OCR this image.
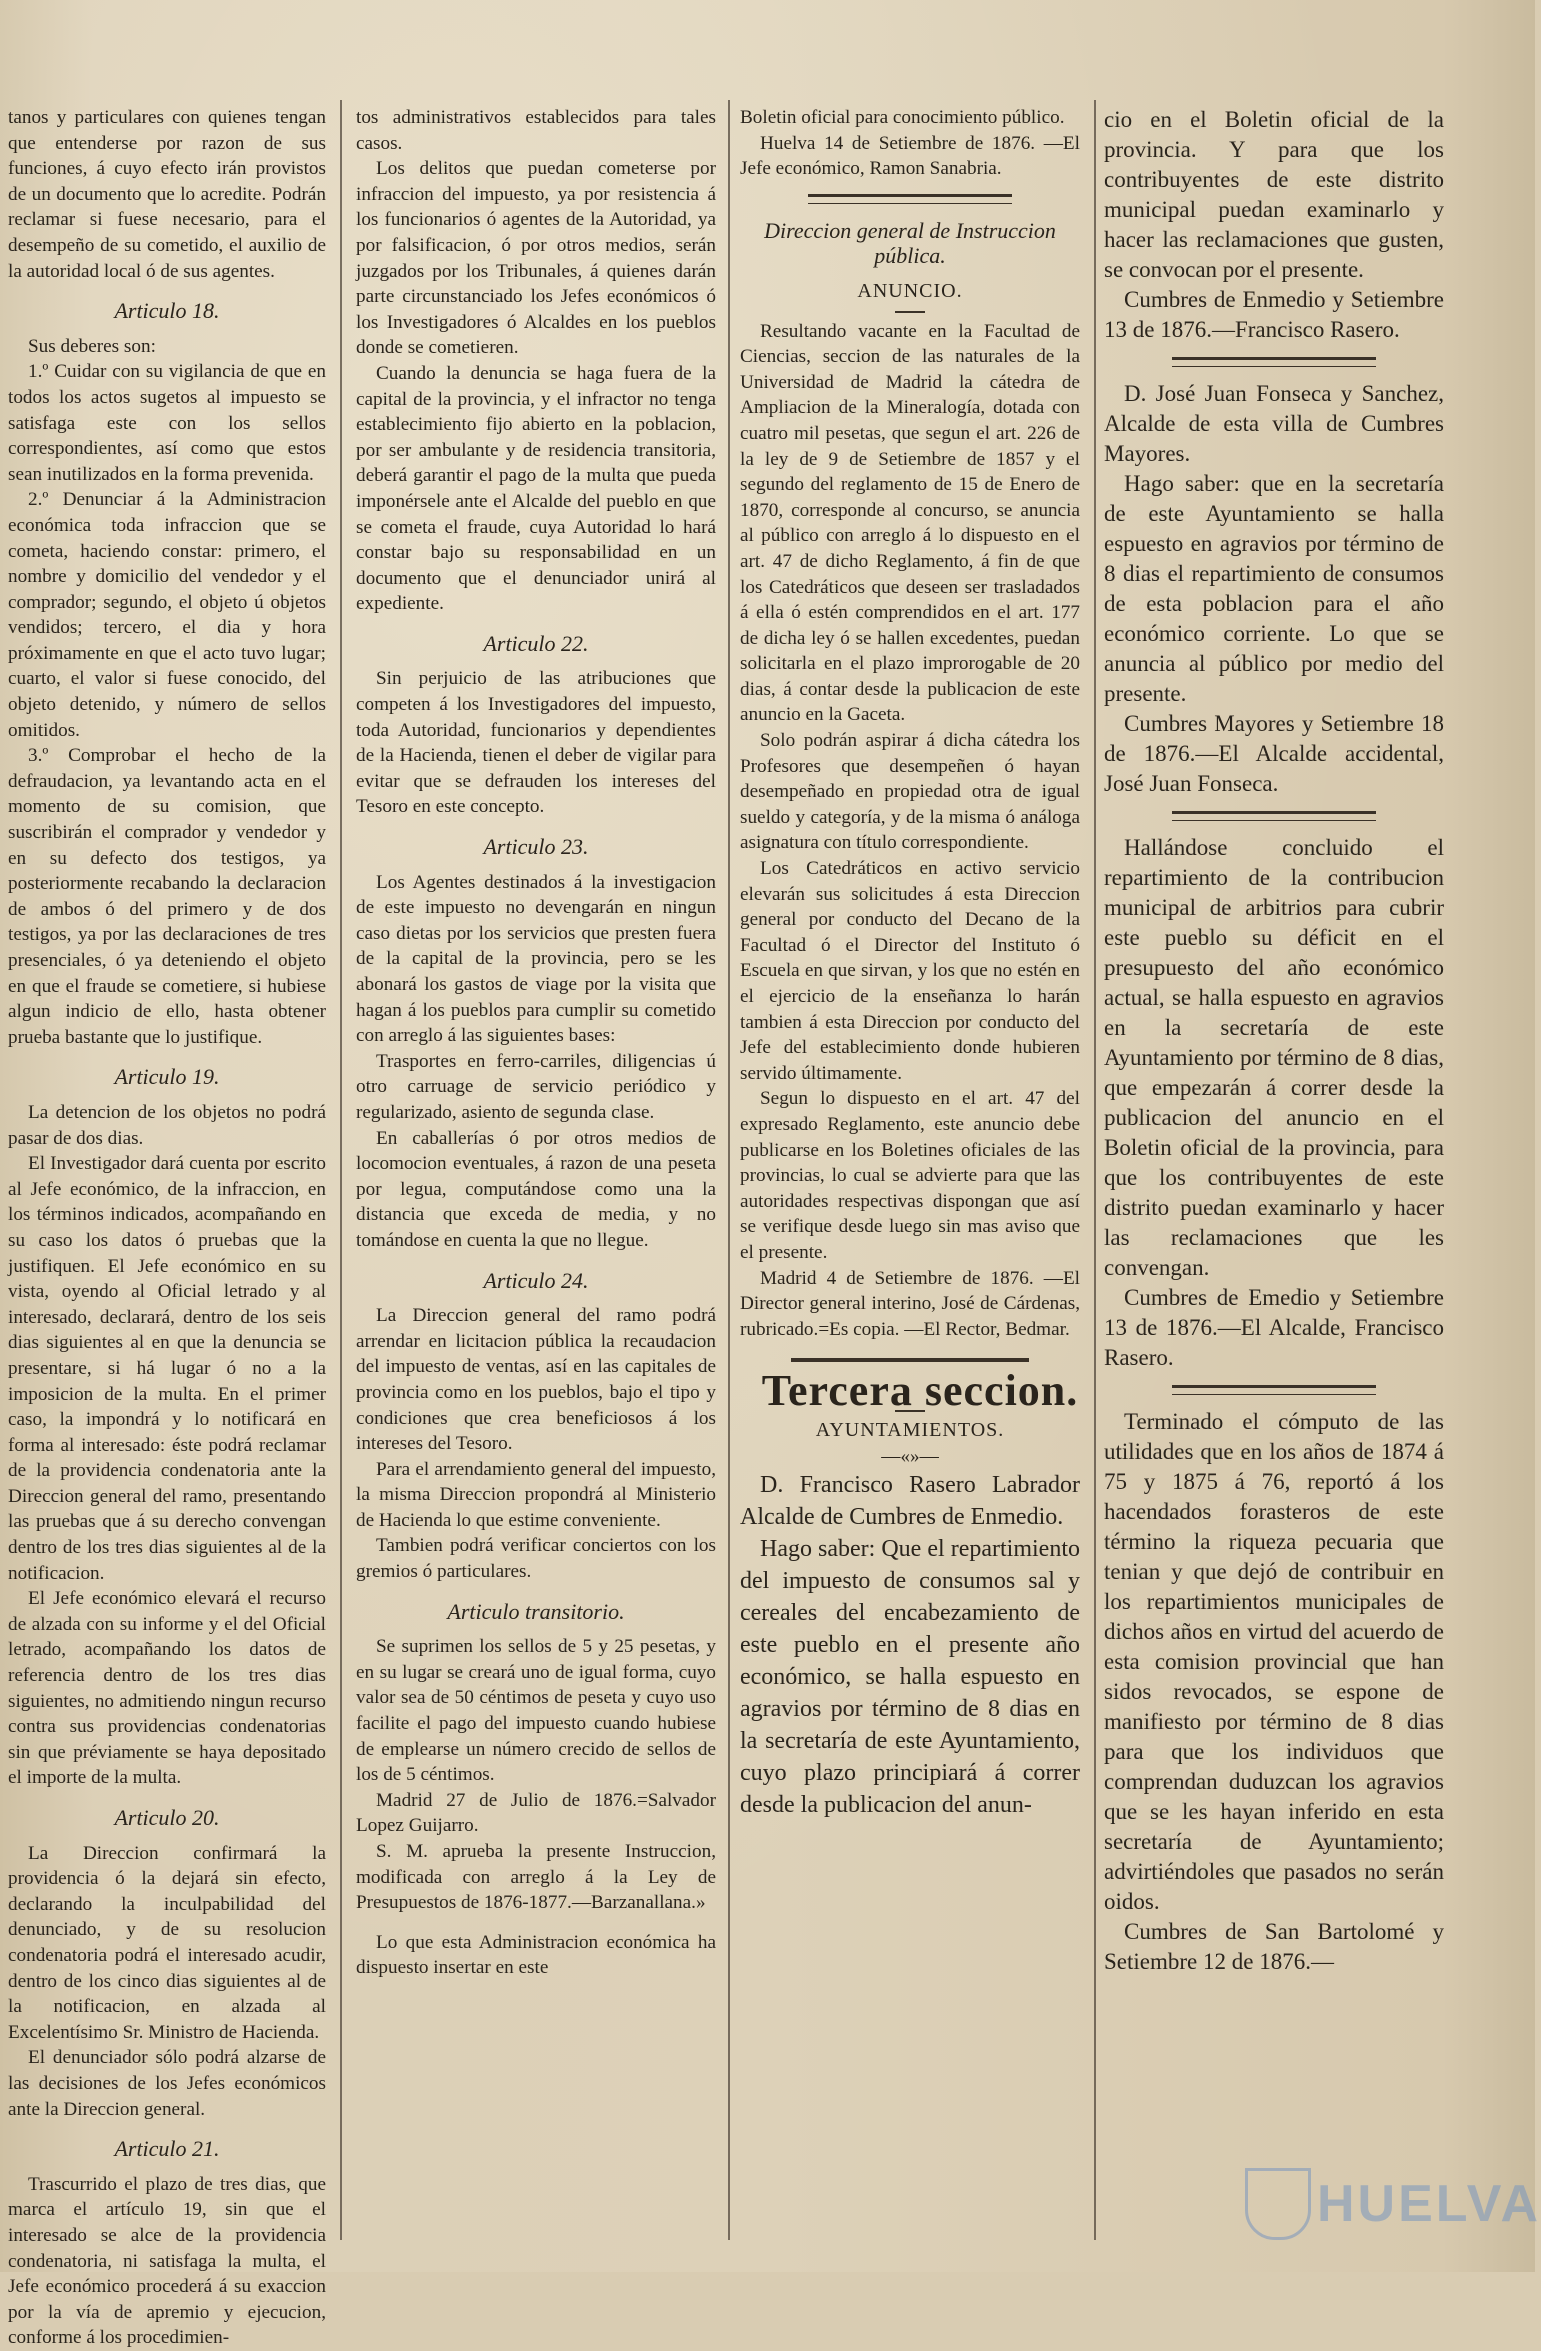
tanos y particulares con quienes tengan que entenderse por razon de sus funciones, á cuyo efecto irán provistos de un documento que lo acredite. Podrán reclamar si fuese necesario, para el desempeño de su cometido, el auxilio de la autoridad local ó de sus agentes.

Articulo 18.

Sus deberes son:

1.º Cuidar con su vigilancia de que en todos los actos sugetos al impuesto se satisfaga este con los sellos correspondientes, así como que estos sean inutilizados en la forma prevenida.

2.º Denunciar á la Administracion económica toda infraccion que se cometa, haciendo constar: primero, el nombre y domicilio del vendedor y el comprador; segundo, el objeto ú objetos vendidos; tercero, el dia y hora próximamente en que el acto tuvo lugar; cuarto, el valor si fuese conocido, del objeto detenido, y número de sellos omitidos.

3.º Comprobar el hecho de la defraudacion, ya levantando acta en el momento de su comision, que suscribirán el comprador y vendedor y en su defecto dos testigos, ya posteriormente recabando la declaracion de ambos ó del primero y de dos testigos, ya por las declaraciones de tres presenciales, ó ya deteniendo el objeto en que el fraude se cometiere, si hubiese algun indicio de ello, hasta obtener prueba bastante que lo justifique.

Articulo 19.

La detencion de los objetos no podrá pasar de dos dias.

El Investigador dará cuenta por escrito al Jefe económico, de la infraccion, en los términos indicados, acompañando en su caso los datos ó pruebas que la justifiquen. El Jefe económico en su vista, oyendo al Oficial letrado y al interesado, declarará, dentro de los seis dias siguientes al en que la denuncia se presentare, si há lugar ó no a la imposicion de la multa. En el primer caso, la impondrá y lo notificará en forma al interesado: éste podrá reclamar de la providencia condenatoria ante la Direccion general del ramo, presentando las pruebas que á su derecho convengan dentro de los tres dias siguientes al de la notificacion.

El Jefe económico elevará el recurso de alzada con su informe y el del Oficial letrado, acompañando los datos de referencia dentro de los tres dias siguientes, no admitiendo ningun recurso contra sus providencias condenatorias sin que préviamente se haya depositado el importe de la multa.

Articulo 20.

La Direccion confirmará la providencia ó la dejará sin efecto, declarando la inculpabilidad del denunciado, y de su resolucion condenatoria podrá el interesado acudir, dentro de los cinco dias siguientes al de la notificacion, en alzada al Excelentísimo Sr. Ministro de Hacienda.

El denunciador sólo podrá alzarse de las decisiones de los Jefes económicos ante la Direccion general.

Articulo 21.

Trascurrido el plazo de tres dias, que marca el artículo 19, sin que el interesado se alce de la providencia condenatoria, ni satisfaga la multa, el Jefe económico procederá á su exaccion por la vía de apremio y ejecucion, conforme á los procedimien-

tos administrativos establecidos para tales casos.

Los delitos que puedan cometerse por infraccion del impuesto, ya por resistencia á los funcionarios ó agentes de la Autoridad, ya por falsificacion, ó por otros medios, serán juzgados por los Tribunales, á quienes darán parte circunstanciado los Jefes económicos ó los Investigadores ó Alcaldes en los pueblos donde se cometieren.

Cuando la denuncia se haga fuera de la capital de la provincia, y el infractor no tenga establecimiento fijo abierto en la poblacion, por ser ambulante y de residencia transitoria, deberá garantir el pago de la multa que pueda imponérsele ante el Alcalde del pueblo en que se cometa el fraude, cuya Autoridad lo hará constar bajo su responsabilidad en un documento que el denunciador unirá al expediente.

Articulo 22.

Sin perjuicio de las atribuciones que competen á los Investigadores del impuesto, toda Autoridad, funcionarios y dependientes de la Hacienda, tienen el deber de vigilar para evitar que se defrauden los intereses del Tesoro en este concepto.

Articulo 23.

Los Agentes destinados á la investigacion de este impuesto no devengarán en ningun caso dietas por los servicios que presten fuera de la capital de la provincia, pero se les abonará los gastos de viage por la visita que hagan á los pueblos para cumplir su cometido con arreglo á las siguientes bases:

Trasportes en ferro-carriles, diligencias ú otro carruage de servicio periódico y regularizado, asiento de segunda clase.

En caballerías ó por otros medios de locomocion eventuales, á razon de una peseta por legua, computándose como una la distancia que exceda de media, y no tomándose en cuenta la que no llegue.

Articulo 24.

La Direccion general del ramo podrá arrendar en licitacion pública la recaudacion del impuesto de ventas, así en las capitales de provincia como en los pueblos, bajo el tipo y condiciones que crea beneficiosos á los intereses del Tesoro.

Para el arrendamiento general del impuesto, la misma Direccion propondrá al Ministerio de Hacienda lo que estime conveniente.

Tambien podrá verificar conciertos con los gremios ó particulares.

Articulo transitorio.

Se suprimen los sellos de 5 y 25 pesetas, y en su lugar se creará uno de igual forma, cuyo valor sea de 50 céntimos de peseta y cuyo uso facilite el pago del impuesto cuando hubiese de emplearse un número crecido de sellos de los de 5 céntimos.

Madrid 27 de Julio de 1876.=Salvador Lopez Guijarro.

S. M. aprueba la presente Instruccion, modificada con arreglo á la Ley de Presupuestos de 1876-1877.—Barzanallana.»

Lo que esta Administracion económica ha dispuesto insertar en este

Boletin oficial para conocimiento público.

Huelva 14 de Setiembre de 1876. —El Jefe económico, Ramon Sanabria.

Direccion general de Instruccion pública.

ANUNCIO.

Resultando vacante en la Facultad de Ciencias, seccion de las naturales de la Universidad de Madrid la cátedra de Ampliacion de la Mineralogía, dotada con cuatro mil pesetas, que segun el art. 226 de la ley de 9 de Setiembre de 1857 y el segundo del reglamento de 15 de Enero de 1870, corresponde al concurso, se anuncia al público con arreglo á lo dispuesto en el art. 47 de dicho Reglamento, á fin de que los Catedráticos que deseen ser trasladados á ella ó estén comprendidos en el art. 177 de dicha ley ó se hallen excedentes, puedan solicitarla en el plazo improrogable de 20 dias, á contar desde la publicacion de este anuncio en la Gaceta.

Solo podrán aspirar á dicha cátedra los Profesores que desempeñen ó hayan desempeñado en propiedad otra de igual sueldo y categoría, y de la misma ó análoga asignatura con título correspondiente.

Los Catedráticos en activo servicio elevarán sus solicitudes á esta Direccion general por conducto del Decano de la Facultad ó el Director del Instituto ó Escuela en que sirvan, y los que no estén en el ejercicio de la enseñanza lo harán tambien á esta Direccion por conducto del Jefe del establecimiento donde hubieren servido últimamente.

Segun lo dispuesto en el art. 47 del expresado Reglamento, este anuncio debe publicarse en los Boletines oficiales de las provincias, lo cual se advierte para que las autoridades respectivas dispongan que así se verifique desde luego sin mas aviso que el presente.

Madrid 4 de Setiembre de 1876. —El Director general interino, José de Cárdenas, rubricado.=Es copia. —El Rector, Bedmar.

Tercera seccion.

AYUNTAMIENTOS.

—«»—

D. Francisco Rasero Labrador Alcalde de Cumbres de Enmedio.

Hago saber: Que el repartimiento del impuesto de consumos sal y cereales del encabezamiento de este pueblo en el presente año económico, se halla espuesto en agravios por término de 8 dias en la secretaría de este Ayuntamiento, cuyo plazo principiará á correr desde la publicacion del anun-

cio en el Boletin oficial de la provincia. Y para que los contribuyentes de este distrito municipal puedan examinarlo y hacer las reclamaciones que gusten, se convocan por el presente.

Cumbres de Enmedio y Setiembre 13 de 1876.—Francisco Rasero.

D. José Juan Fonseca y Sanchez, Alcalde de esta villa de Cumbres Mayores.

Hago saber: que en la secretaría de este Ayuntamiento se halla espuesto en agravios por término de 8 dias el repartimiento de consumos de esta poblacion para el año económico corriente. Lo que se anuncia al público por medio del presente.

Cumbres Mayores y Setiembre 18 de 1876.—El Alcalde accidental, José Juan Fonseca.

Hallándose concluido el repartimiento de la contribucion municipal de arbitrios para cubrir este pueblo su déficit en el presupuesto del año económico actual, se halla espuesto en agravios en la secretaría de este Ayuntamiento por término de 8 dias, que empezarán á correr desde la publicacion del anuncio en el Boletin oficial de la provincia, para que los contribuyentes de este distrito puedan examinarlo y hacer las reclamaciones que les convengan.

Cumbres de Emedio y Setiembre 13 de 1876.—El Alcalde, Francisco Rasero.

Terminado el cómputo de las utilidades que en los años de 1874 á 75 y 1875 á 76, reportó á los hacendados forasteros de este término la riqueza pecuaria que tenian y que dejó de contribuir en los repartimientos municipales de dichos años en virtud del acuerdo de esta comision provincial que han sidos revocados, se espone de manifiesto por término de 8 dias para que los individuos que comprendan duduzcan los agravios que se les hayan inferido en esta secretaría de Ayuntamiento; advirtiéndoles que pasados no serán oidos.

Cumbres de San Bartolomé y Setiembre 12 de 1876.—

HUELVA
